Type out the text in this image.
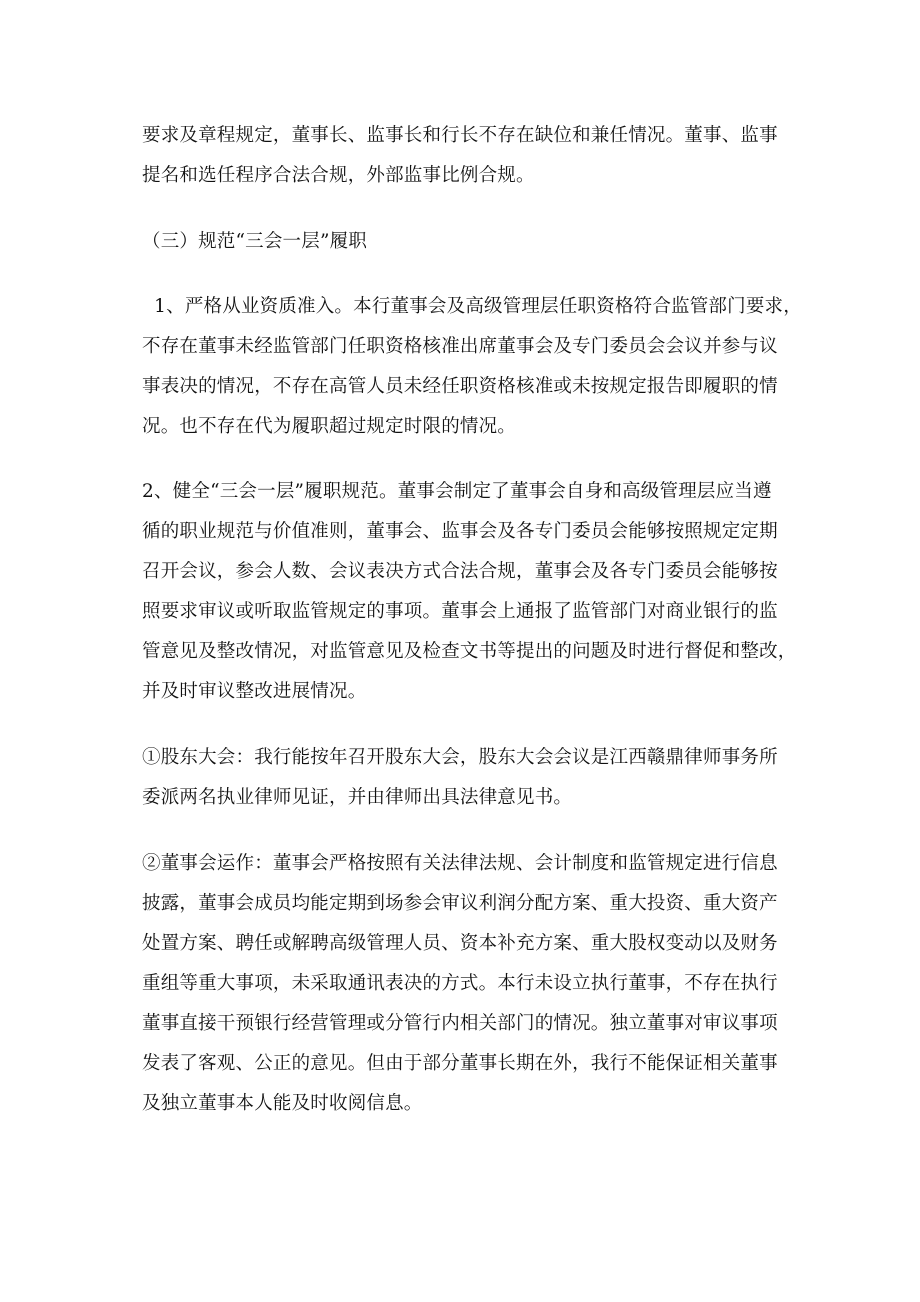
要求及章程规定，董事长、监事长和行长不存在缺位和兼任情况。董事、监事
提名和选任程序合法合规，外部监事比例合规。
（三）规范“三会一层”履职
1、严格从业资质准入。本行董事会及高级管理层任职资格符合监管部门要求，
不存在董事未经监管部门任职资格核准出席董事会及专门委员会会议并参与议
事表决的情况，不存在高管人员未经任职资格核准或未按规定报告即履职的情
况。也不存在代为履职超过规定时限的情况。
2、健全“三会一层”履职规范。董事会制定了董事会自身和高级管理层应当遵
循的职业规范与价值准则，董事会、监事会及各专门委员会能够按照规定定期
召开会议，参会人数、会议表决方式合法合规，董事会及各专门委员会能够按
照要求审议或听取监管规定的事项。董事会上通报了监管部门对商业银行的监
管意见及整改情况，对监管意见及检查文书等提出的问题及时进行督促和整改，
并及时审议整改进展情况。
①股东大会：我行能按年召开股东大会，股东大会会议是江西赣鼎律师事务所
委派两名执业律师见证，并由律师出具法律意见书。
②董事会运作：董事会严格按照有关法律法规、会计制度和监管规定进行信息
披露，董事会成员均能定期到场参会审议利润分配方案、重大投资、重大资产
处置方案、聘任或解聘高级管理人员、资本补充方案、重大股权变动以及财务
重组等重大事项，未采取通讯表决的方式。本行未设立执行董事，不存在执行
董事直接干预银行经营管理或分管行内相关部门的情况。独立董事对审议事项
发表了客观、公正的意见。但由于部分董事长期在外，我行不能保证相关董事
及独立董事本人能及时收阅信息。
